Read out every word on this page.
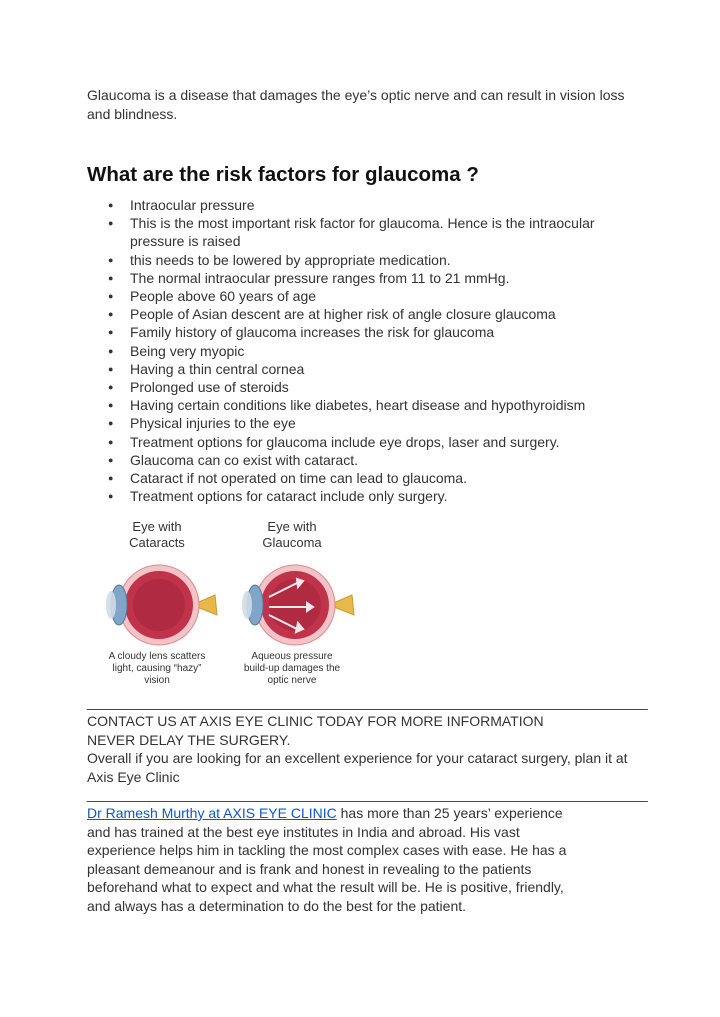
Glaucoma is a disease that damages the eye’s optic nerve and can result in vision loss and blindness.

What are the risk factors for glaucoma ?
● Intraocular pressure
● This is the most important risk factor for glaucoma. Hence is the intraocular pressure is raised
● this needs to be lowered by appropriate medication.
● The normal intraocular pressure ranges from 11 to 21 mmHg.
● People above 60 years of age
● People of Asian descent are at higher risk of angle closure glaucoma
● Family history of glaucoma increases the risk for glaucoma
● Being very myopic
● Having a thin central cornea
● Prolonged use of steroids
● Having certain conditions like diabetes, heart disease and hypothyroidism
● Physical injuries to the eye
● Treatment options for glaucoma include eye drops, laser and surgery.
● Glaucoma can co exist with cataract.
● Cataract if not operated on time can lead to glaucoma.
● Treatment options for cataract include only surgery.
Eye with
Cataracts
Eye with
Glaucoma
A cloudy lens scatters
light, causing “hazy”
vision
Aqueous pressure
build-up damages the
optic nerve
________________________________________________________________________

CONTACT US AT AXIS EYE CLINIC TODAY FOR MORE INFORMATION

NEVER DELAY THE SURGERY.

Overall if you are looking for an excellent experience for your cataract surgery, plan it at Axis Eye Clinic

________________________________________________________________________

Dr Ramesh Murthy at AXIS EYE CLINIC has more than 25 years’ experience and has trained at the best eye institutes in India and abroad. His vast experience helps him in tackling the most complex cases with ease. He has a pleasant demeanour and is frank and honest in revealing to the patients beforehand what to expect and what the result will be. He is positive, friendly, and always has a determination to do the best for the patient.
